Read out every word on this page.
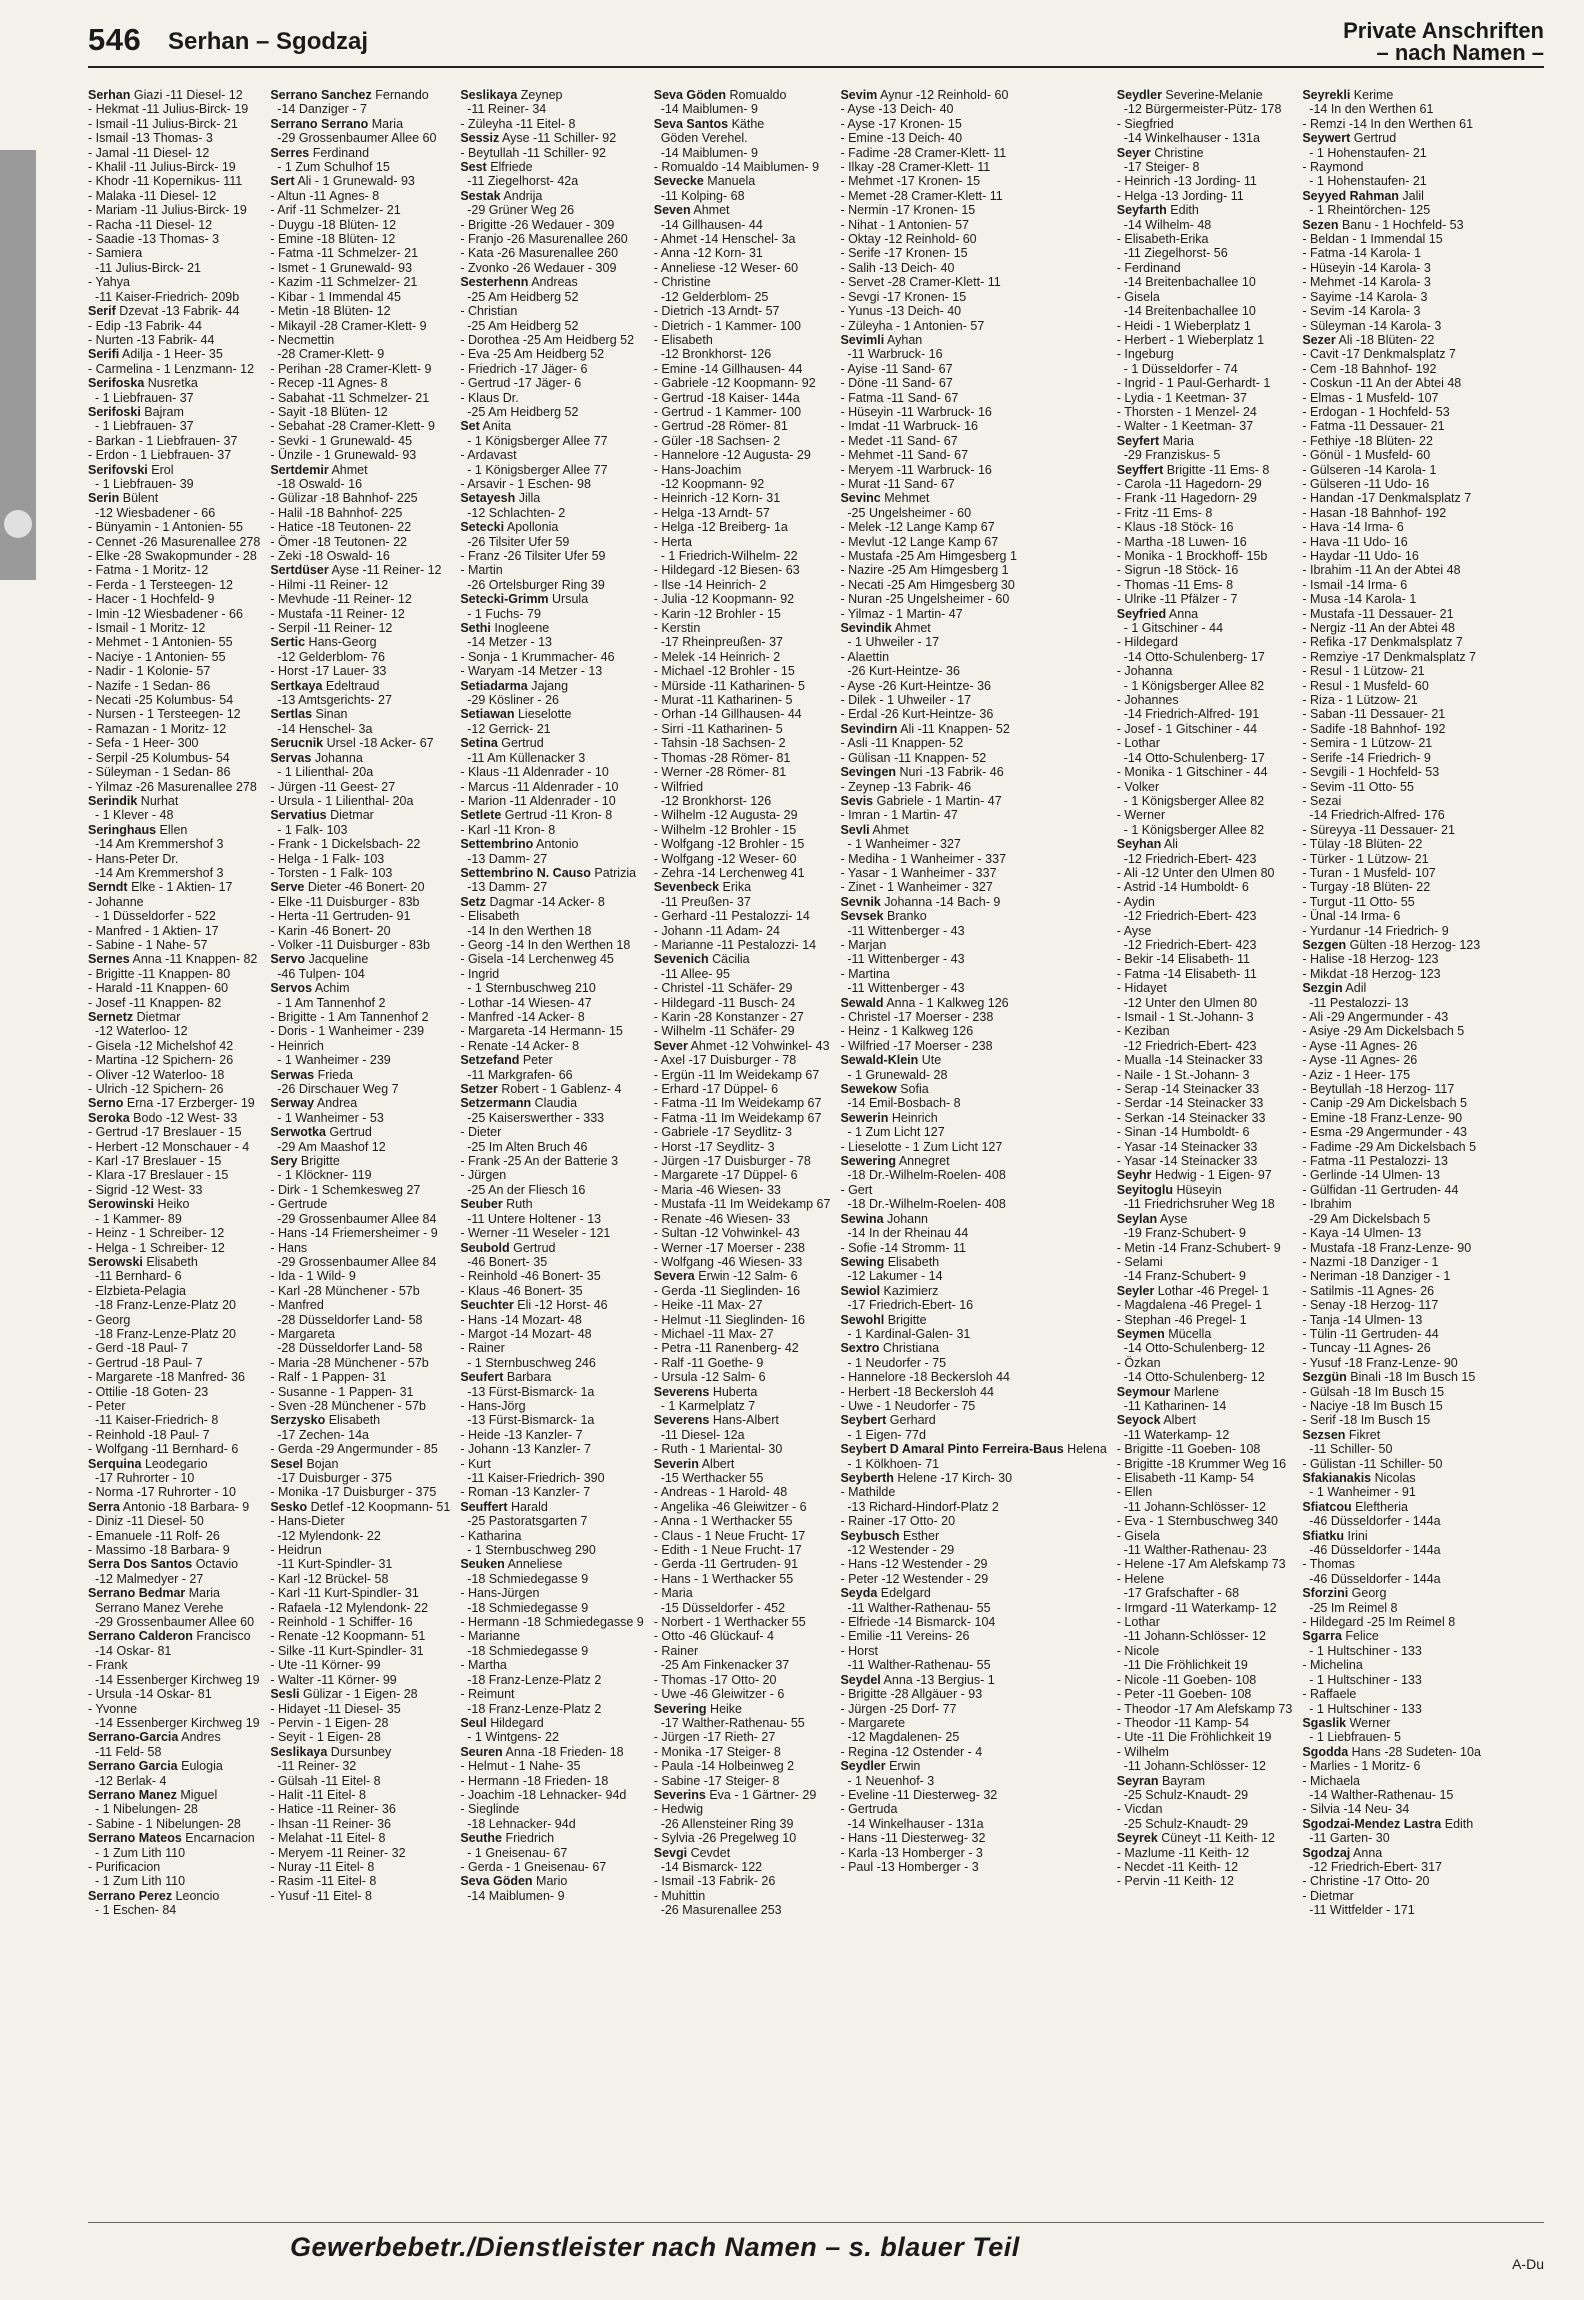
546 Serhan – Sgodzaj	Private Anschriften
– nach Namen –
Serhan Giazi -11 Diesel- 12
- Hekmat -11 Julius-Birck- 19
- Ismail -11 Julius-Birck- 21
- Ismail -13 Thomas- 3
- Jamal -11 Diesel- 12
- Khalil -11 Julius-Birck- 19
- Khodr -11 Kopernikus- 111
- Malaka -11 Diesel- 12
- Mariam -11 Julius-Birck- 19
- Racha -11 Diesel- 12
- Saadie -13 Thomas- 3
- Samiera
-11 Julius-Birck- 21
- Yahya
-11 Kaiser-Friedrich- 209b
Serif Dzevat -13 Fabrik- 44
- Edip -13 Fabrik- 44
- Nurten -13 Fabrik- 44
Serifi Adilja - 1 Heer- 35
- Carmelina - 1 Lenzmann- 12
Serifoska Nusretka
- 1 Liebfrauen- 37
Serifoski Bajram
- 1 Liebfrauen- 37
- Barkan - 1 Liebfrauen- 37
- Erdon - 1 Liebfrauen- 37
Serifovski Erol
- 1 Liebfrauen- 39
Serin Bülent
-12 Wiesbadener - 66
- Bünyamin - 1 Antonien- 55
- Cennet -26 Masurenallee 278
- Elke -28 Swakopmunder - 28
- Fatma - 1 Moritz- 12
- Ferda - 1 Tersteegen- 12
- Hacer - 1 Hochfeld- 9
- Imin -12 Wiesbadener - 66
- Ismail - 1 Moritz- 12
- Mehmet - 1 Antonien- 55
- Naciye - 1 Antonien- 55
- Nadir - 1 Kolonie- 57
- Nazife - 1 Sedan- 86
- Necati -25 Kolumbus- 54
- Nursen - 1 Tersteegen- 12
- Ramazan - 1 Moritz- 12
- Sefa - 1 Heer- 300
- Serpil -25 Kolumbus- 54
- Süleyman - 1 Sedan- 86
- Yilmaz -26 Masurenallee 278
Serindik Nurhat
- 1 Klever - 48
Seringhaus Ellen
-14 Am Kremmershof 3
- Hans-Peter Dr.
-14 Am Kremmershof 3
Serndt Elke - 1 Aktien- 17
- Johanne
- 1 Düsseldorfer - 522
- Manfred - 1 Aktien- 17
- Sabine - 1 Nahe- 57
Sernes Anna -11 Knappen- 82
- Brigitte -11 Knappen- 80
- Harald -11 Knappen- 60
- Josef -11 Knappen- 82
Sernetz Dietmar
-12 Waterloo- 12
- Gisela -12 Michelshof 42
- Martina -12 Spichern- 26
- Oliver -12 Waterloo- 18
- Ulrich -12 Spichern- 26
Serno Erna -17 Erzberger- 19
Seroka Bodo -12 West- 33
- Gertrud -17 Breslauer - 15
- Herbert -12 Monschauer - 4
- Karl -17 Breslauer - 15
- Klara -17 Breslauer - 15
- Sigrid -12 West- 33
Serowinski Heiko
- 1 Kammer- 89
- Heinz - 1 Schreiber- 12
- Helga - 1 Schreiber- 12
Serowski Elisabeth
-11 Bernhard- 6
- Elzbieta-Pelagia
-18 Franz-Lenze-Platz 20
- Georg
-18 Franz-Lenze-Platz 20
- Gerd -18 Paul- 7
- Gertrud -18 Paul- 7
- Margarete -18 Manfred- 36
- Ottilie -18 Goten- 23
- Peter
-11 Kaiser-Friedrich- 8
- Reinhold -18 Paul- 7
- Wolfgang -11 Bernhard- 6
Serquina Leodegario
-17 Ruhrorter - 10
- Norma -17 Ruhrorter - 10
Serra Antonio -18 Barbara- 9
- Diniz -11 Diesel- 50
- Emanuele -11 Rolf- 26
- Massimo -18 Barbara- 9
Serra Dos Santos Octavio
-12 Malmedyer - 27
Serrano Bedmar Maria
Serrano Manez Verehe
-29 Grossenbaumer Allee 60
Serrano Calderon Francisco
-14 Oskar- 81
- Frank
-14 Essenberger Kirchweg 19
- Ursula -14 Oskar- 81
- Yvonne
-14 Essenberger Kirchweg 19
Serrano-Garcia Andres
-11 Feld- 58
Serrano Garcia Eulogia
-12 Berlak- 4
Serrano Manez Miguel
- 1 Nibelungen- 28
- Sabine - 1 Nibelungen- 28
Serrano Mateos Encarnacion
- 1 Zum Lith 110
- Purificacion
- 1 Zum Lith 110
Serrano Perez Leoncio
- 1 Eschen- 84
Serrano Sanchez Fernando
-14 Danziger - 7
Serrano Serrano Maria
-29 Grossenbaumer Allee 60
Serres Ferdinand
- 1 Zum Schulhof 15
Sert Ali - 1 Grunewald- 93
- Altun -11 Agnes- 8
- Arif -11 Schmelzer- 21
- Duygu -18 Blüten- 12
- Emine -18 Blüten- 12
- Fatma -11 Schmelzer- 21
- Ismet - 1 Grunewald- 93
- Kazim -11 Schmelzer- 21
- Kibar - 1 Immendal 45
- Metin -18 Blüten- 12
- Mikayil -28 Cramer-Klett- 9
- Necmettin
-28 Cramer-Klett- 9
- Perihan -28 Cramer-Klett- 9
- Recep -11 Agnes- 8
- Sabahat -11 Schmelzer- 21
- Sayit -18 Blüten- 12
- Sebahat -28 Cramer-Klett- 9
- Sevki - 1 Grunewald- 45
- Ünzile - 1 Grunewald- 93
Sertdemir Ahmet
-18 Oswald- 16
- Gülizar -18 Bahnhof- 225
- Halil -18 Bahnhof- 225
- Hatice -18 Teutonen- 22
- Ömer -18 Teutonen- 22
- Zeki -18 Oswald- 16
Sertdüser Ayse -11 Reiner- 12
- Hilmi -11 Reiner- 12
- Mevhude -11 Reiner- 12
- Mustafa -11 Reiner- 12
- Serpil -11 Reiner- 12
Sertic Hans-Georg
-12 Gelderblom- 76
- Horst -17 Lauer- 33
Sertkaya Edeltraud
-13 Amtsgerichts- 27
Sertlas Sinan
-14 Henschel- 3a
Serucnik Ursel -18 Acker- 67
Servas Johanna
- 1 Lilienthal- 20a
- Jürgen -11 Geest- 27
- Ursula - 1 Lilienthal- 20a
Servatius Dietmar
- 1 Falk- 103
- Frank - 1 Dickelsbach- 22
- Helga - 1 Falk- 103
- Torsten - 1 Falk- 103
Serve Dieter -46 Bonert- 20
- Elke -11 Duisburger - 83b
- Herta -11 Gertruden- 91
- Karin -46 Bonert- 20
- Volker -11 Duisburger - 83b
Servo Jacqueline
-46 Tulpen- 104
Servos Achim
- 1 Am Tannenhof 2
- Brigitte - 1 Am Tannenhof 2
- Doris - 1 Wanheimer - 239
- Heinrich
- 1 Wanheimer - 239
Serwas Frieda
-26 Dirschauer Weg 7
Serway Andrea
- 1 Wanheimer - 53
Serwotka Gertrud
-29 Am Maashof 12
Sery Brigitte
- 1 Klöckner- 119
- Dirk - 1 Schemkesweg 27
- Gertrude
-29 Grossenbaumer Allee 84
- Hans -14 Friemersheimer - 9
- Hans
-29 Grossenbaumer Allee 84
- Ida - 1 Wild- 9
- Karl -28 Münchener - 57b
- Manfred
-28 Düsseldorfer Land- 58
- Margareta
-28 Düsseldorfer Land- 58
- Maria -28 Münchener - 57b
- Ralf - 1 Pappen- 31
- Susanne - 1 Pappen- 31
- Sven -28 Münchener - 57b
Serzysko Elisabeth
-17 Zechen- 14a
- Gerda -29 Angermunder - 85
Sesel Bojan
-17 Duisburger - 375
- Monika -17 Duisburger - 375
Sesko Detlef -12 Koopmann- 51
- Hans-Dieter
-12 Mylendonk- 22
- Heidrun
-11 Kurt-Spindler- 31
- Karl -12 Brückel- 58
- Karl -11 Kurt-Spindler- 31
- Rafaela -12 Mylendonk- 22
- Reinhold - 1 Schiffer- 16
- Renate -12 Koopmann- 51
- Silke -11 Kurt-Spindler- 31
- Ute -11 Körner- 99
- Walter -11 Körner- 99
Sesli Gülizar - 1 Eigen- 28
- Hidayet -11 Diesel- 35
- Pervin - 1 Eigen- 28
- Seyit - 1 Eigen- 28
Seslikaya Dursunbey
-11 Reiner- 32
- Gülsah -11 Eitel- 8
- Halit -11 Eitel- 8
- Hatice -11 Reiner- 36
- Ihsan -11 Reiner- 36
- Melahat -11 Eitel- 8
- Meryem -11 Reiner- 32
- Nuray -11 Eitel- 8
- Rasim -11 Eitel- 8
- Yusuf -11 Eitel- 8
Seslikaya Zeynep
-11 Reiner- 34
- Züleyha -11 Eitel- 8
Sessiz Ayse -11 Schiller- 92
- Beytullah -11 Schiller- 92
Sest Elfriede
-11 Ziegelhorst- 42a
Sestak Andrija
-29 Grüner Weg 26
- Brigitte -26 Wedauer - 309
- Franjo -26 Masurenallee 260
- Kata -26 Masurenallee 260
- Zvonko -26 Wedauer - 309
Sesterhenn Andreas
-25 Am Heidberg 52
- Christian
-25 Am Heidberg 52
- Dorothea -25 Am Heidberg 52
- Eva -25 Am Heidberg 52
- Friedrich -17 Jäger- 6
- Gertrud -17 Jäger- 6
- Klaus Dr.
-25 Am Heidberg 52
Set Anita
- 1 Königsberger Allee 77
- Ardavast
- 1 Königsberger Allee 77
- Arsavir - 1 Eschen- 98
Setayesh Jilla
-12 Schlachten- 2
Setecki Apollonia
-26 Tilsiter Ufer 59
- Franz -26 Tilsiter Ufer 59
- Martin
-26 Ortelsburger Ring 39
Setecki-Grimm Ursula
- 1 Fuchs- 79
Sethi Inogleene
-14 Metzer - 13
- Sonja - 1 Krummacher- 46
- Waryam -14 Metzer - 13
Setiadarma Jajang
-29 Kösliner - 26
Setiawan Lieselotte
-12 Gerrick- 21
Setina Gertrud
-11 Am Küllenacker 3
- Klaus -11 Aldenrader - 10
- Marcus -11 Aldenrader - 10
- Marion -11 Aldenrader - 10
Setlete Gertrud -11 Kron- 8
- Karl -11 Kron- 8
Settembrino Antonio
-13 Damm- 27
Settembrino N. Causo Patrizia
-13 Damm- 27
Setz Dagmar -14 Acker- 8
- Elisabeth
-14 In den Werthen 18
- Georg -14 In den Werthen 18
- Gisela -14 Lerchenweg 45
- Ingrid
- 1 Sternbuschweg 210
- Lothar -14 Wiesen- 47
- Manfred -14 Acker- 8
- Margareta -14 Hermann- 15
- Renate -14 Acker- 8
Setzefand Peter
-11 Markgrafen- 66
Setzer Robert - 1 Gablenz- 4
Setzermann Claudia
-25 Kaiserswerther - 333
- Dieter
-25 Im Alten Bruch 46
- Frank -25 An der Batterie 3
- Jürgen
-25 An der Fliesch 16
Seuber Ruth
-11 Untere Holtener - 13
- Werner -11 Weseler - 121
Seubold Gertrud
-46 Bonert- 35
- Reinhold -46 Bonert- 35
- Klaus -46 Bonert- 35
Seuchter Eli -12 Horst- 46
- Hans -14 Mozart- 48
- Margot -14 Mozart- 48
- Rainer
- 1 Sternbuschweg 246
Seufert Barbara
-13 Fürst-Bismarck- 1a
- Hans-Jörg
-13 Fürst-Bismarck- 1a
- Heide -13 Kanzler- 7
- Johann -13 Kanzler- 7
- Kurt
-11 Kaiser-Friedrich- 390
- Roman -13 Kanzler- 7
Seuffert Harald
-25 Pastoratsgarten 7
- Katharina
- 1 Sternbuschweg 290
Seuken Anneliese
-18 Schmiedegasse 9
- Hans-Jürgen
-18 Schmiedegasse 9
- Hermann -18 Schmiedegasse 9
- Marianne
-18 Schmiedegasse 9
- Martha
-18 Franz-Lenze-Platz 2
- Reimunt
-18 Franz-Lenze-Platz 2
Seul Hildegard
- 1 Wintgens- 22
Seuren Anna -18 Frieden- 18
- Helmut - 1 Nahe- 35
- Hermann -18 Frieden- 18
- Joachim -18 Lehnacker- 94d
- Sieglinde
-18 Lehnacker- 94d
Seuthe Friedrich
- 1 Gneisenau- 67
- Gerda - 1 Gneisenau- 67
Seva Göden Mario
-14 Maiblumen- 9
Seva Göden Romualdo
-14 Maiblumen- 9
Seva Santos Käthe
Göden Verehel.
-14 Maiblumen- 9
- Romualdo -14 Maiblumen- 9
Sevecke Manuela
-11 Kolping- 68
Seven Ahmet
-14 Gillhausen- 44
- Ahmet -14 Henschel- 3a
- Anna -12 Korn- 31
- Anneliese -12 Weser- 60
- Christine
-12 Gelderblom- 25
- Dietrich -13 Arndt- 57
- Dietrich - 1 Kammer- 100
- Elisabeth
-12 Bronkhorst- 126
- Emine -14 Gillhausen- 44
- Gabriele -12 Koopmann- 92
- Gertrud -18 Kaiser- 144a
- Gertrud - 1 Kammer- 100
- Gertrud -28 Römer- 81
- Güler -18 Sachsen- 2
- Hannelore -12 Augusta- 29
- Hans-Joachim
-12 Koopmann- 92
- Heinrich -12 Korn- 31
- Helga -13 Arndt- 57
- Helga -12 Breiberg- 1a
- Herta
- 1 Friedrich-Wilhelm- 22
- Hildegard -12 Biesen- 63
- Ilse -14 Heinrich- 2
- Julia -12 Koopmann- 92
- Karin -12 Brohler - 15
- Kerstin
-17 Rheinpreußen- 37
- Melek -14 Heinrich- 2
- Michael -12 Brohler - 15
- Mürside -11 Katharinen- 5
- Murat -11 Katharinen- 5
- Orhan -14 Gillhausen- 44
- Sirri -11 Katharinen- 5
- Tahsin -18 Sachsen- 2
- Thomas -28 Römer- 81
- Werner -28 Römer- 81
- Wilfried
-12 Bronkhorst- 126
- Wilhelm -12 Augusta- 29
- Wilhelm -12 Brohler - 15
- Wolfgang -12 Brohler - 15
- Wolfgang -12 Weser- 60
- Zehra -14 Lerchenweg 41
Sevenbeck Erika
-11 Preußen- 37
- Gerhard -11 Pestalozzi- 14
- Johann -11 Adam- 24
- Marianne -11 Pestalozzi- 14
Sevenich Cäcilia
-11 Allee- 95
- Christel -11 Schäfer- 29
- Hildegard -11 Busch- 24
- Karin -28 Konstanzer - 27
- Wilhelm -11 Schäfer- 29
Sever Ahmet -12 Vohwinkel- 43
- Axel -17 Duisburger - 78
- Ergün -11 Im Weidekamp 67
- Erhard -17 Düppel- 6
- Fatma -11 Im Weidekamp 67
- Fatma -11 Im Weidekamp 67
- Gabriele -17 Seydlitz- 3
- Horst -17 Seydlitz- 3
- Jürgen -17 Duisburger - 78
- Margarete -17 Düppel- 6
- Maria -46 Wiesen- 33
- Mustafa -11 Im Weidekamp 67
- Renate -46 Wiesen- 33
- Sultan -12 Vohwinkel- 43
- Werner -17 Moerser - 238
- Wolfgang -46 Wiesen- 33
Severa Erwin -12 Salm- 6
- Gerda -11 Sieglinden- 16
- Heike -11 Max- 27
- Helmut -11 Sieglinden- 16
- Michael -11 Max- 27
- Petra -11 Ranenberg- 42
- Ralf -11 Goethe- 9
- Ursula -12 Salm- 6
Severens Huberta
- 1 Karmelplatz 7
Severens Hans-Albert
-11 Diesel- 12a
- Ruth - 1 Mariental- 30
Severin Albert
-15 Werthacker 55
- Andreas - 1 Harold- 48
- Angelika -46 Gleiwitzer - 6
- Anna - 1 Werthacker 55
- Claus - 1 Neue Frucht- 17
- Edith - 1 Neue Frucht- 17
- Gerda -11 Gertruden- 91
- Hans - 1 Werthacker 55
- Maria
-15 Düsseldorfer - 452
- Norbert - 1 Werthacker 55
- Otto -46 Glückauf- 4
- Rainer
-25 Am Finkenacker 37
- Thomas -17 Otto- 20
- Uwe -46 Gleiwitzer - 6
Severing Heike
-17 Walther-Rathenau- 55
- Jürgen -17 Rieth- 27
- Monika -17 Steiger- 8
- Paula -14 Holbeinweg 2
- Sabine -17 Steiger- 8
Severins Eva - 1 Gärtner- 29
- Hedwig
-26 Allensteiner Ring 39
- Sylvia -26 Pregelweg 10
Sevgi Cevdet
-14 Bismarck- 122
- Ismail -13 Fabrik- 26
- Muhittin
-26 Masurenallee 253
Sevim Aynur -12 Reinhold- 60
- Ayse -13 Deich- 40
- Ayse -17 Kronen- 15
- Emine -13 Deich- 40
- Fadime -28 Cramer-Klett- 11
- Ilkay -28 Cramer-Klett- 11
- Mehmet -17 Kronen- 15
- Memet -28 Cramer-Klett- 11
- Nermin -17 Kronen- 15
- Nihat - 1 Antonien- 57
- Oktay -12 Reinhold- 60
- Serife -17 Kronen- 15
- Salih -13 Deich- 40
- Servet -28 Cramer-Klett- 11
- Sevgi -17 Kronen- 15
- Yunus -13 Deich- 40
- Züleyha - 1 Antonien- 57
Sevimli Ayhan
-11 Warbruck- 16
- Ayise -11 Sand- 67
- Döne -11 Sand- 67
- Fatma -11 Sand- 67
- Hüseyin -11 Warbruck- 16
- Imdat -11 Warbruck- 16
- Medet -11 Sand- 67
- Mehmet -11 Sand- 67
- Meryem -11 Warbruck- 16
- Murat -11 Sand- 67
Sevinc Mehmet
-25 Ungelsheimer - 60
- Melek -12 Lange Kamp 67
- Mevlut -12 Lange Kamp 67
- Mustafa -25 Am Himgesberg 1
- Nazire -25 Am Himgesberg 1
- Necati -25 Am Himgesberg 30
- Nuran -25 Ungelsheimer - 60
- Yilmaz - 1 Martin- 47
Sevindik Ahmet
- 1 Uhweiler - 17
- Alaettin
-26 Kurt-Heintze- 36
- Ayse -26 Kurt-Heintze- 36
- Dilek - 1 Uhweiler - 17
- Erdal -26 Kurt-Heintze- 36
Sevindirn Ali -11 Knappen- 52
- Asli -11 Knappen- 52
- Gülisan -11 Knappen- 52
Sevingen Nuri -13 Fabrik- 46
- Zeynep -13 Fabrik- 46
Sevis Gabriele - 1 Martin- 47
- Imran - 1 Martin- 47
Sevli Ahmet
- 1 Wanheimer - 327
- Mediha - 1 Wanheimer - 337
- Yasar - 1 Wanheimer - 337
- Zinet - 1 Wanheimer - 327
Sevnik Johanna -14 Bach- 9
Sevsek Branko
-11 Wittenberger - 43
- Marjan
-11 Wittenberger - 43
- Martina
-11 Wittenberger - 43
Sewald Anna - 1 Kalkweg 126
- Christel -17 Moerser - 238
- Heinz - 1 Kalkweg 126
- Wilfried -17 Moerser - 238
Sewald-Klein Ute
- 1 Grunewald- 28
Sewekow Sofia
-14 Emil-Bosbach- 8
Sewerin Heinrich
- 1 Zum Licht 127
- Lieselotte - 1 Zum Licht 127
Sewering Annegret
-18 Dr.-Wilhelm-Roelen- 408
- Gert
-18 Dr.-Wilhelm-Roelen- 408
Sewina Johann
-14 In der Rheinau 44
- Sofie -14 Stromm- 11
Sewing Elisabeth
-12 Lakumer - 14
Sewiol Kazimierz
-17 Friedrich-Ebert- 16
Sewohl Brigitte
- 1 Kardinal-Galen- 31
Sextro Christiana
- 1 Neudorfer - 75
- Hannelore -18 Beckersloh 44
- Herbert -18 Beckersloh 44
- Uwe - 1 Neudorfer - 75
Seybert Gerhard
- 1 Eigen- 77d
Seybert D Amaral Pinto Ferreira-Baus Helena
- 1 Kölkhoen- 71
Seyberth Helene -17 Kirch- 30
- Mathilde
-13 Richard-Hindorf-Platz 2
- Rainer -17 Otto- 20
Seybusch Esther
-12 Westender - 29
- Hans -12 Westender - 29
- Peter -12 Westender - 29
Seyda Edelgard
-11 Walther-Rathenau- 55
- Elfriede -14 Bismarck- 104
- Emilie -11 Vereins- 26
- Horst
-11 Walther-Rathenau- 55
Seydel Anna -13 Bergius- 1
- Brigitte -28 Allgäuer - 93
- Jürgen -25 Dorf- 77
- Margarete
-12 Magdalenen- 25
- Regina -12 Ostender - 4
Seydler Erwin
- 1 Neuenhof- 3
- Eveline -11 Diesterweg- 32
- Gertruda
-14 Winkelhauser - 131a
- Hans -11 Diesterweg- 32
- Karla -13 Homberger - 3
- Paul -13 Homberger - 3
Seydler Severine-Melanie
-12 Bürgermeister-Pütz- 178
- Siegfried
-14 Winkelhauser - 131a
Seyer Christine
-17 Steiger- 8
- Heinrich -13 Jording- 11
- Helga -13 Jording- 11
Seyfarth Edith
-14 Wilhelm- 48
- Elisabeth-Erika
-11 Ziegelhorst- 56
- Ferdinand
-14 Breitenbachallee 10
- Gisela
-14 Breitenbachallee 10
- Heidi - 1 Wieberplatz 1
- Herbert - 1 Wieberplatz 1
- Ingeburg
- 1 Düsseldorfer - 74
- Ingrid - 1 Paul-Gerhardt- 1
- Lydia - 1 Keetman- 37
- Thorsten - 1 Menzel- 24
- Walter - 1 Keetman- 37
Seyfert Maria
-29 Franziskus- 5
Seyffert Brigitte -11 Ems- 8
- Carola -11 Hagedorn- 29
- Frank -11 Hagedorn- 29
- Fritz -11 Ems- 8
- Klaus -18 Stöck- 16
- Martha -18 Luwen- 16
- Monika - 1 Brockhoff- 15b
- Sigrun -18 Stöck- 16
- Thomas -11 Ems- 8
- Ulrike -11 Pfälzer - 7
Seyfried Anna
- 1 Gitschiner - 44
- Hildegard
-14 Otto-Schulenberg- 17
- Johanna
- 1 Königsberger Allee 82
- Johannes
-14 Friedrich-Alfred- 191
- Josef - 1 Gitschiner - 44
- Lothar
-14 Otto-Schulenberg- 17
- Monika - 1 Gitschiner - 44
- Volker
- 1 Königsberger Allee 82
- Werner
- 1 Königsberger Allee 82
Seyhan Ali
-12 Friedrich-Ebert- 423
- Ali -12 Unter den Ulmen 80
- Astrid -14 Humboldt- 6
- Aydin
-12 Friedrich-Ebert- 423
- Ayse
-12 Friedrich-Ebert- 423
- Bekir -14 Elisabeth- 11
- Fatma -14 Elisabeth- 11
- Hidayet
-12 Unter den Ulmen 80
- Ismail - 1 St.-Johann- 3
- Keziban
-12 Friedrich-Ebert- 423
- Mualla -14 Steinacker 33
- Naile - 1 St.-Johann- 3
- Serap -14 Steinacker 33
- Serdar -14 Steinacker 33
- Serkan -14 Steinacker 33
- Sinan -14 Humboldt- 6
- Yasar -14 Steinacker 33
- Yasar -14 Steinacker 33
Seyhr Hedwig - 1 Eigen- 97
Seyitoglu Hüseyin
-11 Friedrichsruher Weg 18
Seylan Ayse
-19 Franz-Schubert- 9
- Metin -14 Franz-Schubert- 9
- Selami
-14 Franz-Schubert- 9
Seyler Lothar -46 Pregel- 1
- Magdalena -46 Pregel- 1
- Stephan -46 Pregel- 1
Seymen Mücella
-14 Otto-Schulenberg- 12
- Özkan
-14 Otto-Schulenberg- 12
Seymour Marlene
-11 Katharinen- 14
Seyock Albert
-11 Waterkamp- 12
- Brigitte -11 Goeben- 108
- Brigitte -18 Krummer Weg 16
- Elisabeth -11 Kamp- 54
- Ellen
-11 Johann-Schlösser- 12
- Eva - 1 Sternbuschweg 340
- Gisela
-11 Walther-Rathenau- 23
- Helene -17 Am Alefskamp 73
- Helene
-17 Grafschafter - 68
- Irmgard -11 Waterkamp- 12
- Lothar
-11 Johann-Schlösser- 12
- Nicole
-11 Die Fröhlichkeit 19
- Nicole -11 Goeben- 108
- Peter -11 Goeben- 108
- Theodor -17 Am Alefskamp 73
- Theodor -11 Kamp- 54
- Ute -11 Die Fröhlichkeit 19
- Wilhelm
-11 Johann-Schlösser- 12
Seyran Bayram
-25 Schulz-Knaudt- 29
- Vicdan
-25 Schulz-Knaudt- 29
Seyrek Cüneyt -11 Keith- 12
- Mazlume -11 Keith- 12
- Necdet -11 Keith- 12
- Pervin -11 Keith- 12
Seyrekli Kerime
-14 In den Werthen 61
- Remzi -14 In den Werthen 61
Seywert Gertrud
- 1 Hohenstaufen- 21
- Raymond
- 1 Hohenstaufen- 21
Seyyed Rahman Jalil
- 1 Rheintörchen- 125
Sezen Banu - 1 Hochfeld- 53
- Beldan - 1 Immendal 15
- Fatma -14 Karola- 1
- Hüseyin -14 Karola- 3
- Mehmet -14 Karola- 3
- Sayime -14 Karola- 3
- Sevim -14 Karola- 3
- Süleyman -14 Karola- 3
Sezer Ali -18 Blüten- 22
- Cavit -17 Denkmalsplatz 7
- Cem -18 Bahnhof- 192
- Coskun -11 An der Abtei 48
- Elmas - 1 Musfeld- 107
- Erdogan - 1 Hochfeld- 53
- Fatma -11 Dessauer- 21
- Fethiye -18 Blüten- 22
- Gönül - 1 Musfeld- 60
- Gülseren -14 Karola- 1
- Gülseren -11 Udo- 16
- Handan -17 Denkmalsplatz 7
- Hasan -18 Bahnhof- 192
- Hava -14 Irma- 6
- Hava -11 Udo- 16
- Haydar -11 Udo- 16
- Ibrahim -11 An der Abtei 48
- Ismail -14 Irma- 6
- Musa -14 Karola- 1
- Mustafa -11 Dessauer- 21
- Nergiz -11 An der Abtei 48
- Refika -17 Denkmalsplatz 7
- Remziye -17 Denkmalsplatz 7
- Resul - 1 Lützow- 21
- Resul - 1 Musfeld- 60
- Riza - 1 Lützow- 21
- Saban -11 Dessauer- 21
- Sadife -18 Bahnhof- 192
- Semira - 1 Lützow- 21
- Serife -14 Friedrich- 9
- Sevgili - 1 Hochfeld- 53
- Sevim -11 Otto- 55
- Sezai
-14 Friedrich-Alfred- 176
- Süreyya -11 Dessauer- 21
- Tülay -18 Blüten- 22
- Türker - 1 Lützow- 21
- Turan - 1 Musfeld- 107
- Turgay -18 Blüten- 22
- Turgut -11 Otto- 55
- Ünal -14 Irma- 6
- Yurdanur -14 Friedrich- 9
Sezgen Gülten -18 Herzog- 123
- Halise -18 Herzog- 123
- Mikdat -18 Herzog- 123
Sezgin Adil
-11 Pestalozzi- 13
- Ali -29 Angermunder - 43
- Asiye -29 Am Dickelsbach 5
- Ayse -11 Agnes- 26
- Ayse -11 Agnes- 26
- Aziz - 1 Heer- 175
- Beytullah -18 Herzog- 117
- Canip -29 Am Dickelsbach 5
- Emine -18 Franz-Lenze- 90
- Esma -29 Angermunder - 43
- Fadime -29 Am Dickelsbach 5
- Fatma -11 Pestalozzi- 13
- Gerlinde -14 Ulmen- 13
- Gülfidan -11 Gertruden- 44
- Ibrahim
-29 Am Dickelsbach 5
- Kaya -14 Ulmen- 13
- Mustafa -18 Franz-Lenze- 90
- Nazmi -18 Danziger - 1
- Neriman -18 Danziger - 1
- Satilmis -11 Agnes- 26
- Senay -18 Herzog- 117
- Tanja -14 Ulmen- 13
- Tülin -11 Gertruden- 44
- Tuncay -11 Agnes- 26
- Yusuf -18 Franz-Lenze- 90
Sezgün Binali -18 Im Busch 15
- Gülsah -18 Im Busch 15
- Naciye -18 Im Busch 15
- Serif -18 Im Busch 15
Sezsen Fikret
-11 Schiller- 50
- Gülistan -11 Schiller- 50
Sfakianakis Nicolas
- 1 Wanheimer - 91
Sfiatcou Eleftheria
-46 Düsseldorfer - 144a
Sfiatku Irini
-46 Düsseldorfer - 144a
- Thomas
-46 Düsseldorfer - 144a
Sforzini Georg
-25 Im Reimel 8
- Hildegard -25 Im Reimel 8
Sgarra Felice
- 1 Hultschiner - 133
- Michelina
- 1 Hultschiner - 133
- Raffaele
- 1 Hultschiner - 133
Sgaslik Werner
- 1 Liebfrauen- 5
Sgodda Hans -28 Sudeten- 10a
- Marlies - 1 Moritz- 6
- Michaela
-14 Walther-Rathenau- 15
- Silvia -14 Neu- 34
Sgodzai-Mendez Lastra Edith
-11 Garten- 30
Sgodzaj Anna
-12 Friedrich-Ebert- 317
- Christine -17 Otto- 20
- Dietmar
-11 Wittfelder - 171
Gewerbebetr./Dienstleister nach Namen – s. blauer Teil
A-Du
